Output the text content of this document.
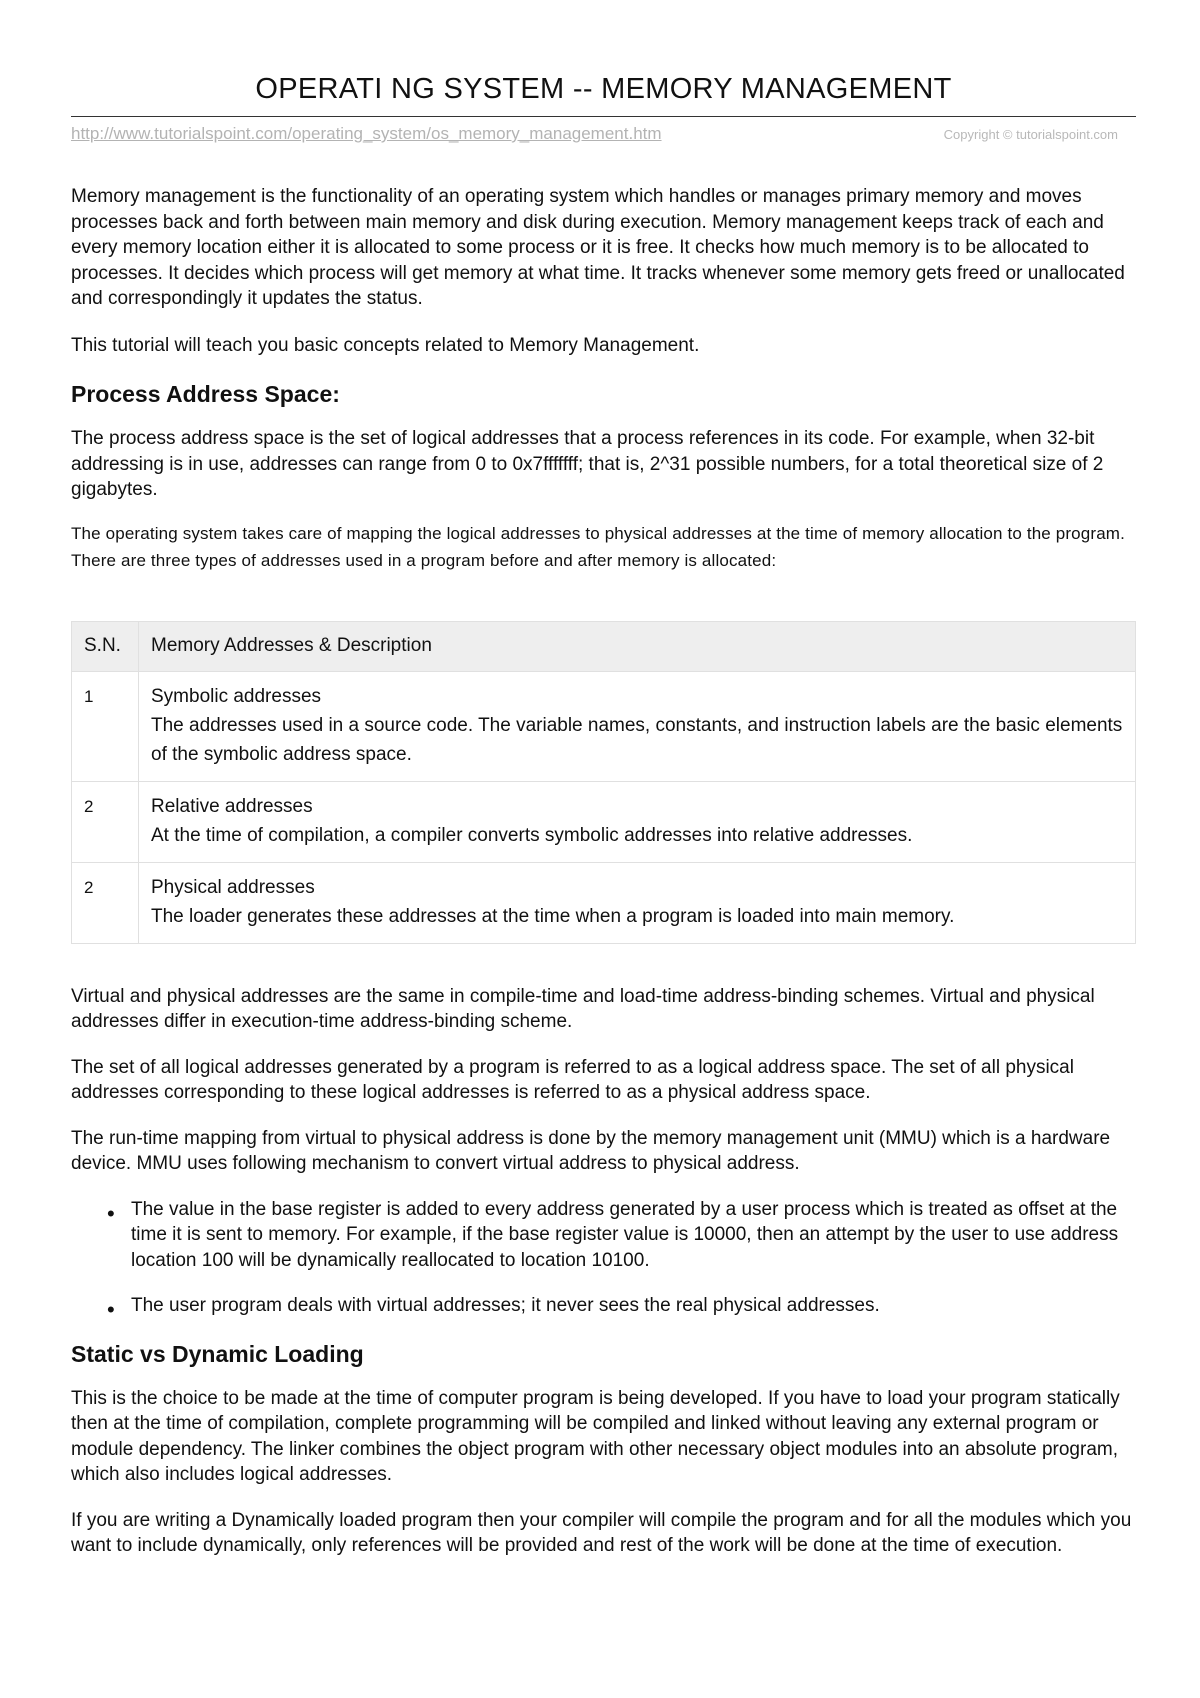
OPERATI NG SYSTEM -- MEMORY MANAGEMENT
http://www.tutorialspoint.com/operating_system/os_memory_management.htm	Copyright © tutorialspoint.com

Memory management is the functionality of an operating system which handles or manages primary memory and moves processes back and forth between main memory and disk during execution. Memory management keeps track of each and every memory location either it is allocated to some process or it is free. It checks how much memory is to be allocated to processes. It decides which process will get memory at what time. It tracks whenever some memory gets freed or unallocated and correspondingly it updates the status.

This tutorial will teach you basic concepts related to Memory Management.

Process Address Space:

The process address space is the set of logical addresses that a process references in its code. For example, when 32-bit addressing is in use, addresses can range from 0 to 0x7fffffff; that is, 2^31 possible numbers, for a total theoretical size of 2 gigabytes.

The operating system takes care of mapping the logical addresses to physical addresses at the time of memory allocation to the program. There are three types of addresses used in a program before and after memory is allocated:

S.N.	Memory Addresses & Description
1	Symbolic addresses
The addresses used in a source code. The variable names, constants, and instruction labels are the basic elements of the symbolic address space.

2	Relative addresses
At the time of compilation, a compiler converts symbolic addresses into relative addresses.

2	Physical addresses
The loader generates these addresses at the time when a program is loaded into main memory.

Virtual and physical addresses are the same in compile-time and load-time address-binding schemes. Virtual and physical addresses differ in execution-time address-binding scheme.

The set of all logical addresses generated by a program is referred to as a logical address space. The set of all physical addresses corresponding to these logical addresses is referred to as a physical address space.

The run-time mapping from virtual to physical address is done by the memory management unit (MMU) which is a hardware device. MMU uses following mechanism to convert virtual address to physical address.

• The value in the base register is added to every address generated by a user process which is treated as offset at the time it is sent to memory. For example, if the base register value is 10000, then an attempt by the user to use address location 100 will be dynamically reallocated to location 10100.
• The user program deals with virtual addresses; it never sees the real physical addresses.
Static vs Dynamic Loading

This is the choice to be made at the time of computer program is being developed. If you have to load your program statically then at the time of compilation, complete programming will be compiled and linked without leaving any external program or module dependency. The linker combines the object program with other necessary object modules into an absolute program, which also includes logical addresses.

If you are writing a Dynamically loaded program then your compiler will compile the program and for all the modules which you want to include dynamically, only references will be provided and rest of the work will be done at the time of execution.
